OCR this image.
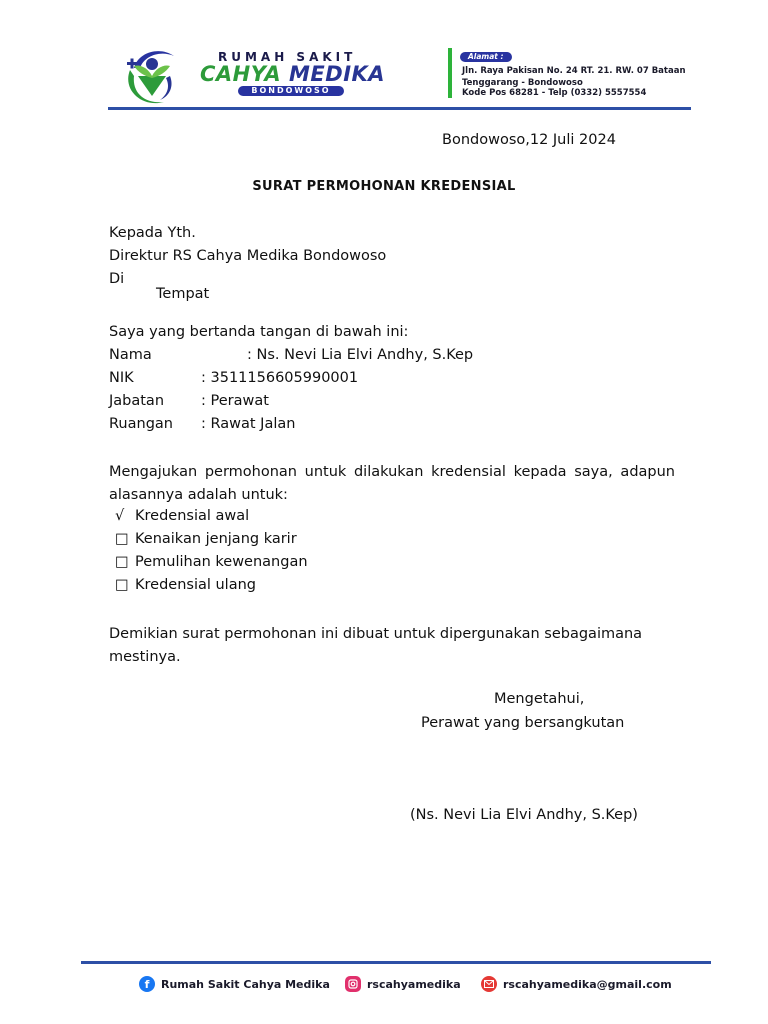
RUMAH SAKIT
CAHYA MEDIKA
BONDOWOSO
Alamat :
Jln. Raya Pakisan No. 24 RT. 21. RW. 07 Bataan
Tenggarang - Bondowoso
Kode Pos 68281 - Telp (0332) 5557554
Bondowoso,12 Juli 2024
SURAT PERMOHONAN KREDENSIAL
Kepada Yth.
Direktur RS Cahya Medika Bondowoso
Di
Tempat
Saya yang bertanda tangan di bawah ini:
Nama	: Ns. Nevi Lia Elvi Andhy, S.Kep
NIK	: 3511156605990001
Jabatan	: Perawat
Ruangan : Rawat Jalan
Mengajukan permohonan untuk dilakukan kredensial kepada saya, adapun alasannya adalah untuk:
√ Kredensial awal
□ Kenaikan jenjang karir
□ Pemulihan kewenangan
□ Kredensial ulang
Demikian surat permohonan ini dibuat untuk dipergunakan sebagaimana mestinya.
Mengetahui,
Perawat yang bersangkutan
(Ns. Nevi Lia Elvi Andhy, S.Kep)
f	Rumah Sakit Cahya Medika	rscahyamedika	rscahyamedika@gmail.com
